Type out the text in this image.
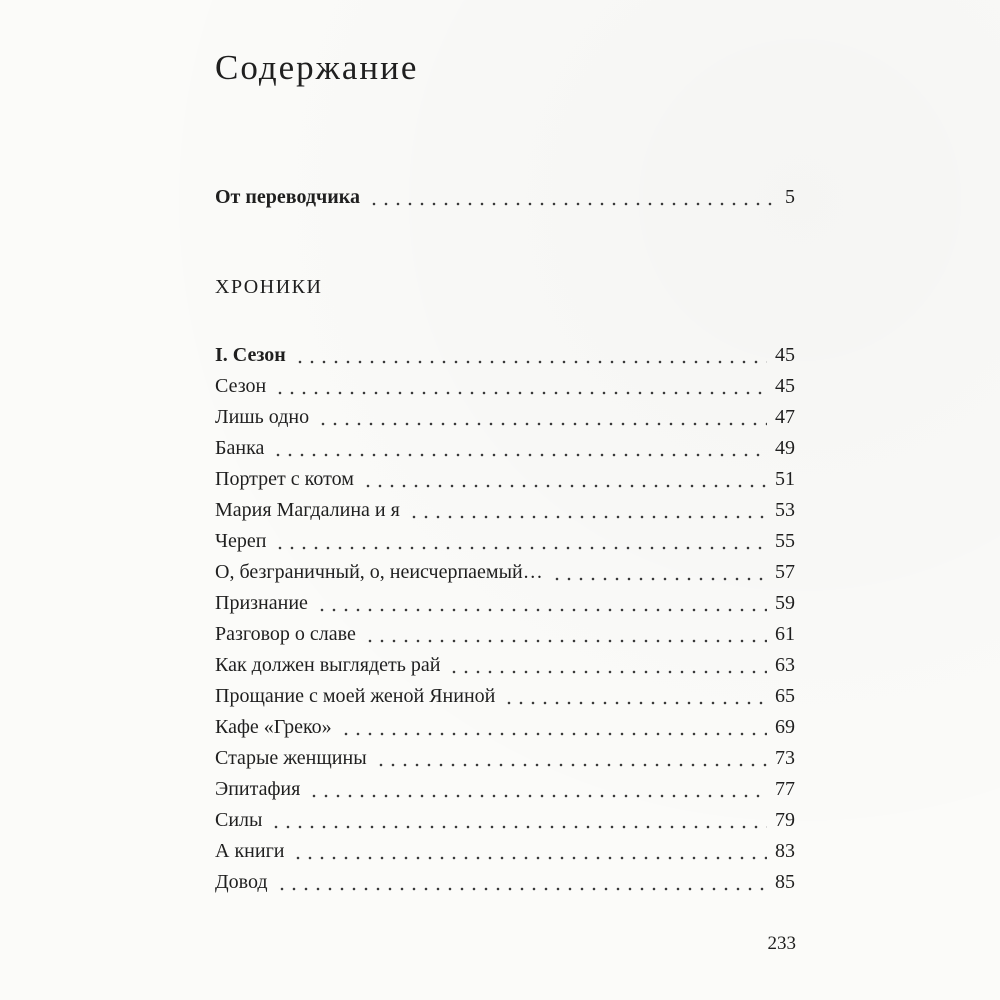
Содержание
От переводчика	5
ХРОНИКИ
I. Сезон	45
Сезон	45
Лишь одно	47
Банка	49
Портрет с котом	51
Мария Магдалина и я	53
Череп	55
О, безграничный, о, неисчерпаемый…	57
Признание	59
Разговор о славе	61
Как должен выглядеть рай	63
Прощание с моей женой Яниной	65
Кафе «Греко»	69
Старые женщины	73
Эпитафия	77
Силы	79
А книги	83
Довод	85
233
